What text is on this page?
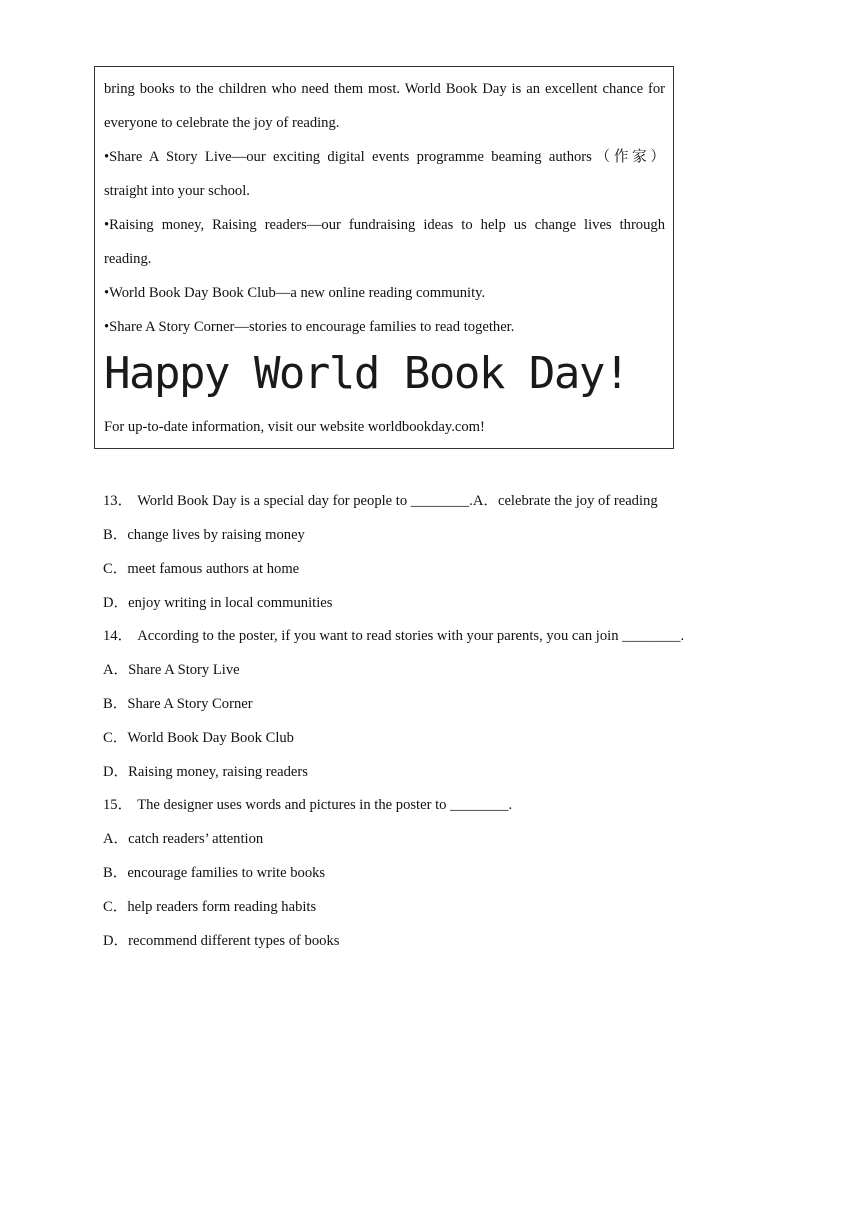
bring books to the children who need them most. World Book Day is an excellent chance for
everyone to celebrate the joy of reading.
•Share A Story Live—our exciting digital events programme beaming authors（作家）
straight into your school.
•Raising money, Raising readers—our fundraising ideas to help us change lives through
reading.
•World Book Day Book Club—a new online reading community.
•Share A Story Corner—stories to encourage families to read together.
Happy World Book Day!
For up-to-date information, visit our website worldbookday.com!
13． World Book Day is a special day for people to ________.A．celebrate the joy of reading
B．change lives by raising money
C．meet famous authors at home
D．enjoy writing in local communities
14． According to the poster, if you want to read stories with your parents, you can join ________.
A．Share A Story Live
B．Share A Story Corner
C．World Book Day Book Club
D．Raising money, raising readers
15． The designer uses words and pictures in the poster to ________.
A．catch readers’ attention
B．encourage families to write books
C．help readers form reading habits
D．recommend different types of books
